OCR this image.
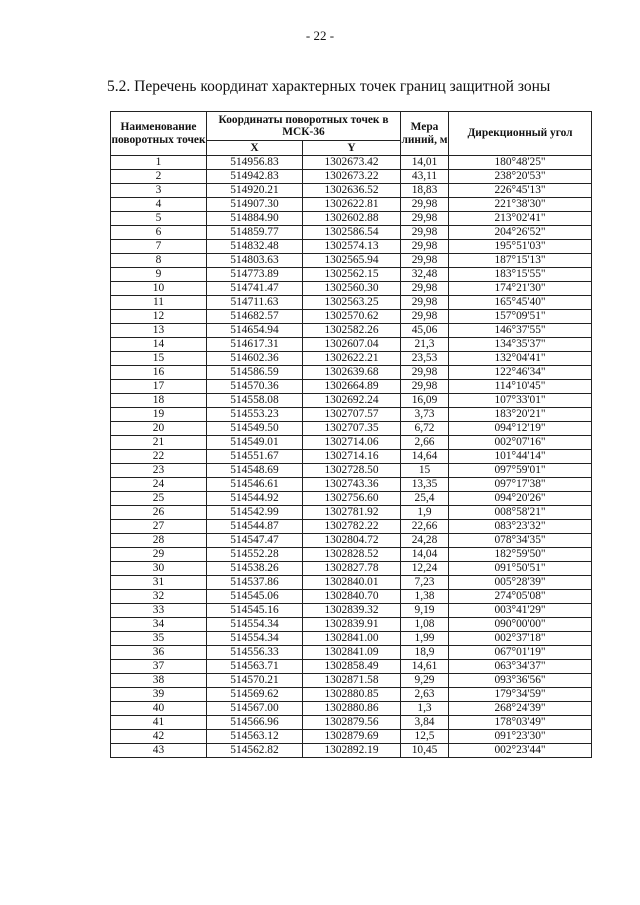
- 22 -
5.2. Перечень координат характерных точек границ защитной зоны
Наименование поворотных точек	Координаты поворотных точек в МСК-36		Мера линий, м	Дирекционный угол
	X	Y		
1	514956.83	1302673.42	14,01	180°48'25"
2	514942.83	1302673.22	43,11	238°20'53"
3	514920.21	1302636.52	18,83	226°45'13"
4	514907.30	1302622.81	29,98	221°38'30"
5	514884.90	1302602.88	29,98	213°02'41"
6	514859.77	1302586.54	29,98	204°26'52"
7	514832.48	1302574.13	29,98	195°51'03"
8	514803.63	1302565.94	29,98	187°15'13"
9	514773.89	1302562.15	32,48	183°15'55"
10	514741.47	1302560.30	29,98	174°21'30"
11	514711.63	1302563.25	29,98	165°45'40"
12	514682.57	1302570.62	29,98	157°09'51"
13	514654.94	1302582.26	45,06	146°37'55"
14	514617.31	1302607.04	21,3	134°35'37"
15	514602.36	1302622.21	23,53	132°04'41"
16	514586.59	1302639.68	29,98	122°46'34"
17	514570.36	1302664.89	29,98	114°10'45"
18	514558.08	1302692.24	16,09	107°33'01"
19	514553.23	1302707.57	3,73	183°20'21"
20	514549.50	1302707.35	6,72	094°12'19"
21	514549.01	1302714.06	2,66	002°07'16"
22	514551.67	1302714.16	14,64	101°44'14"
23	514548.69	1302728.50	15	097°59'01"
24	514546.61	1302743.36	13,35	097°17'38"
25	514544.92	1302756.60	25,4	094°20'26"
26	514542.99	1302781.92	1,9	008°58'21"
27	514544.87	1302782.22	22,66	083°23'32"
28	514547.47	1302804.72	24,28	078°34'35"
29	514552.28	1302828.52	14,04	182°59'50"
30	514538.26	1302827.78	12,24	091°50'51"
31	514537.86	1302840.01	7,23	005°28'39"
32	514545.06	1302840.70	1,38	274°05'08"
33	514545.16	1302839.32	9,19	003°41'29"
34	514554.34	1302839.91	1,08	090°00'00"
35	514554.34	1302841.00	1,99	002°37'18"
36	514556.33	1302841.09	18,9	067°01'19"
37	514563.71	1302858.49	14,61	063°34'37"
38	514570.21	1302871.58	9,29	093°36'56"
39	514569.62	1302880.85	2,63	179°34'59"
40	514567.00	1302880.86	1,3	268°24'39"
41	514566.96	1302879.56	3,84	178°03'49"
42	514563.12	1302879.69	12,5	091°23'30"
43	514562.82	1302892.19	10,45	002°23'44"
